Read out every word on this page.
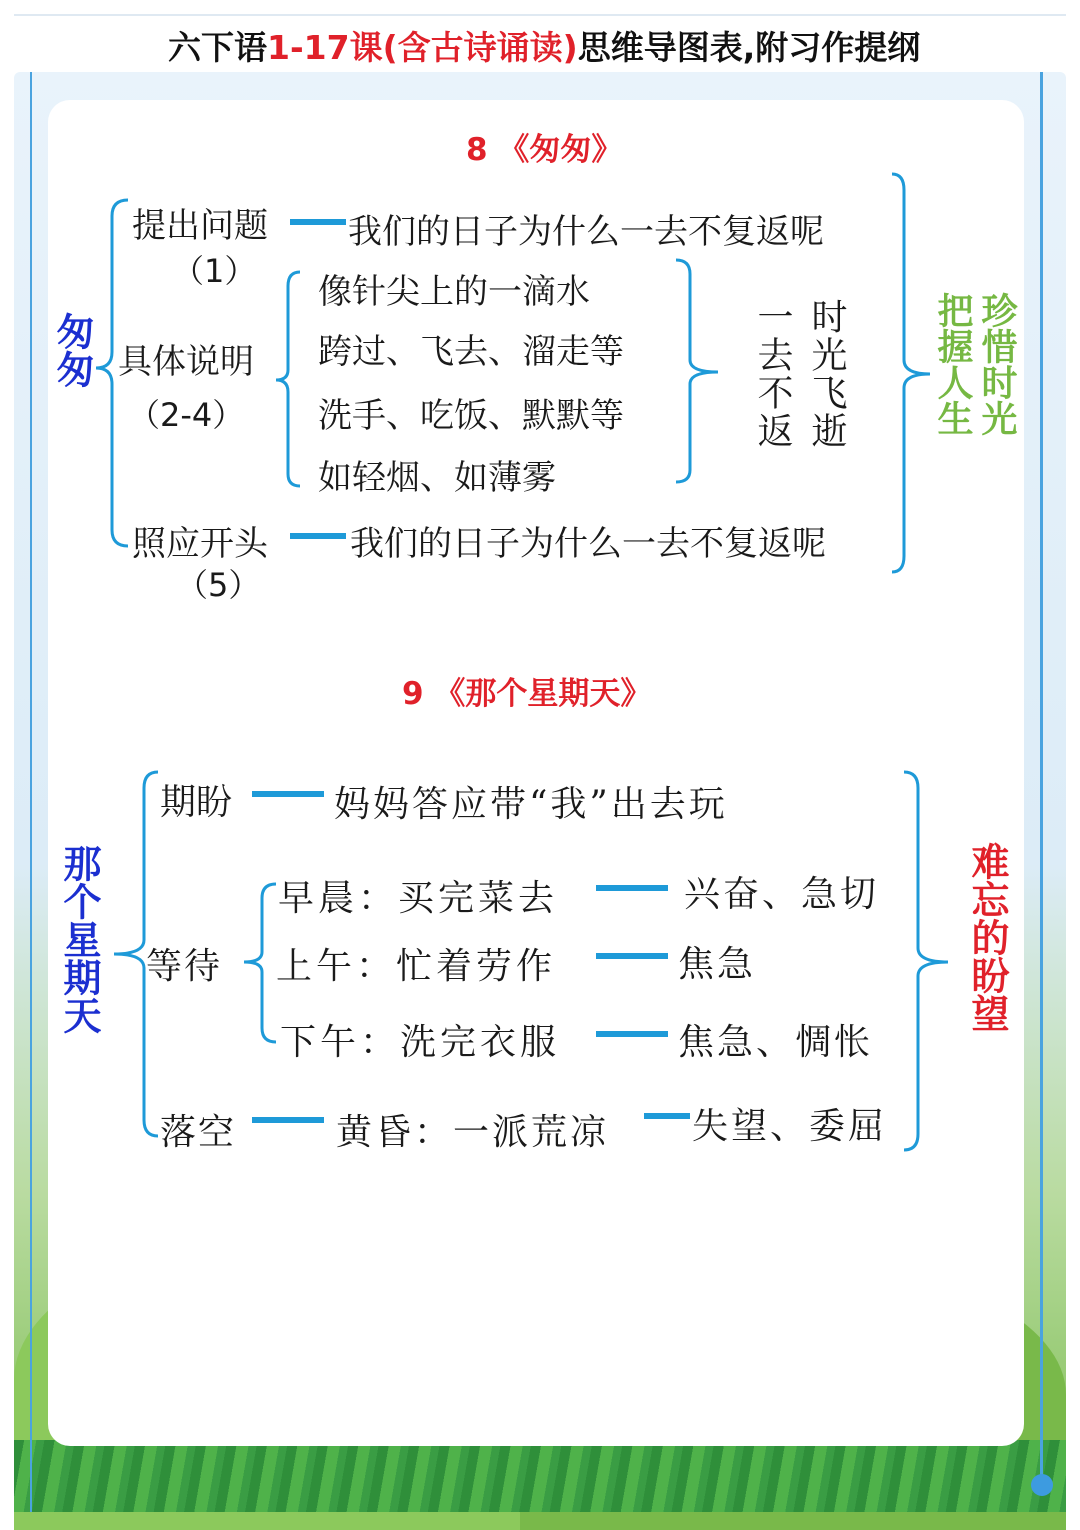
六下语1-17课(含古诗诵读)思维导图表,附习作提纲
8 《匆匆》
匆匆
提出问题
（1）
我们的日子为什么一去不复返呢
具体说明
（2-4）
像针尖上的一滴水
跨过、飞去、溜走等
洗手、吃饭、默默等
如轻烟、如薄雾
一去不返 时光飞逝
照应开头
（5）
我们的日子为什么一去不复返呢
把握人生 珍惜时光
9 《那个星期天》
那个星期天
期盼	妈妈答应带“我”出去玩
等待
早晨：买完菜去	兴奋、急切
上午：忙着劳作	焦急
下午：洗完衣服	焦急、惆怅
落空	黄昏：一派荒凉 失望、委屈
难忘的盼望
